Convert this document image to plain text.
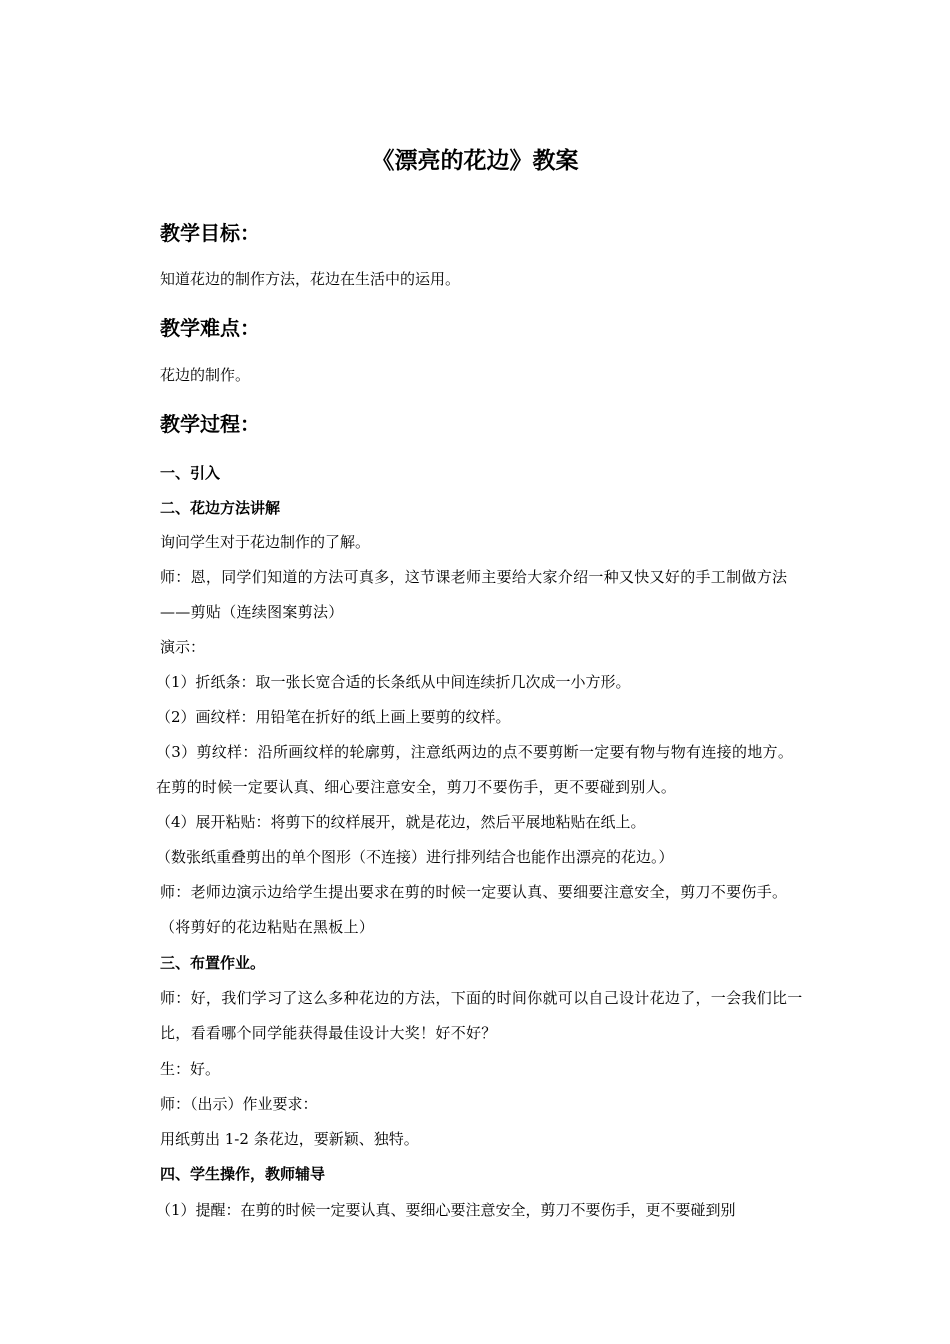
《漂亮的花边》教案
教学目标：

知道花边的制作方法，花边在生活中的运用。

教学难点：

花边的制作。

教学过程：

一、引入

二、花边方法讲解

询问学生对于花边制作的了解。

师：恩，同学们知道的方法可真多，这节课老师主要给大家介绍一种又快又好的手工制做方法——剪贴（连续图案剪法）

演示：

（1）折纸条：取一张长宽合适的长条纸从中间连续折几次成一小方形。

（2）画纹样：用铅笔在折好的纸上画上要剪的纹样。

（3）剪纹样：沿所画纹样的轮廓剪，注意纸两边的点不要剪断一定要有物与物有连接的地方。在剪的时候一定要认真、细心要注意安全，剪刀不要伤手，更不要碰到别人。

（4）展开粘贴：将剪下的纹样展开，就是花边，然后平展地粘贴在纸上。

（数张纸重叠剪出的单个图形（不连接）进行排列结合也能作出漂亮的花边。）

师：老师边演示边给学生提出要求在剪的时候一定要认真、要细要注意安全，剪刀不要伤手。（将剪好的花边粘贴在黑板上）

三、布置作业。

师：好，我们学习了这么多种花边的方法，下面的时间你就可以自己设计花边了，一会我们比一比，看看哪个同学能获得最佳设计大奖！好不好？

生：好。

师：（出示）作业要求：

用纸剪出 1-2 条花边，要新颖、独特。

四、学生操作，教师辅导

（1）提醒：在剪的时候一定要认真、要细心要注意安全，剪刀不要伤手，更不要碰到别
